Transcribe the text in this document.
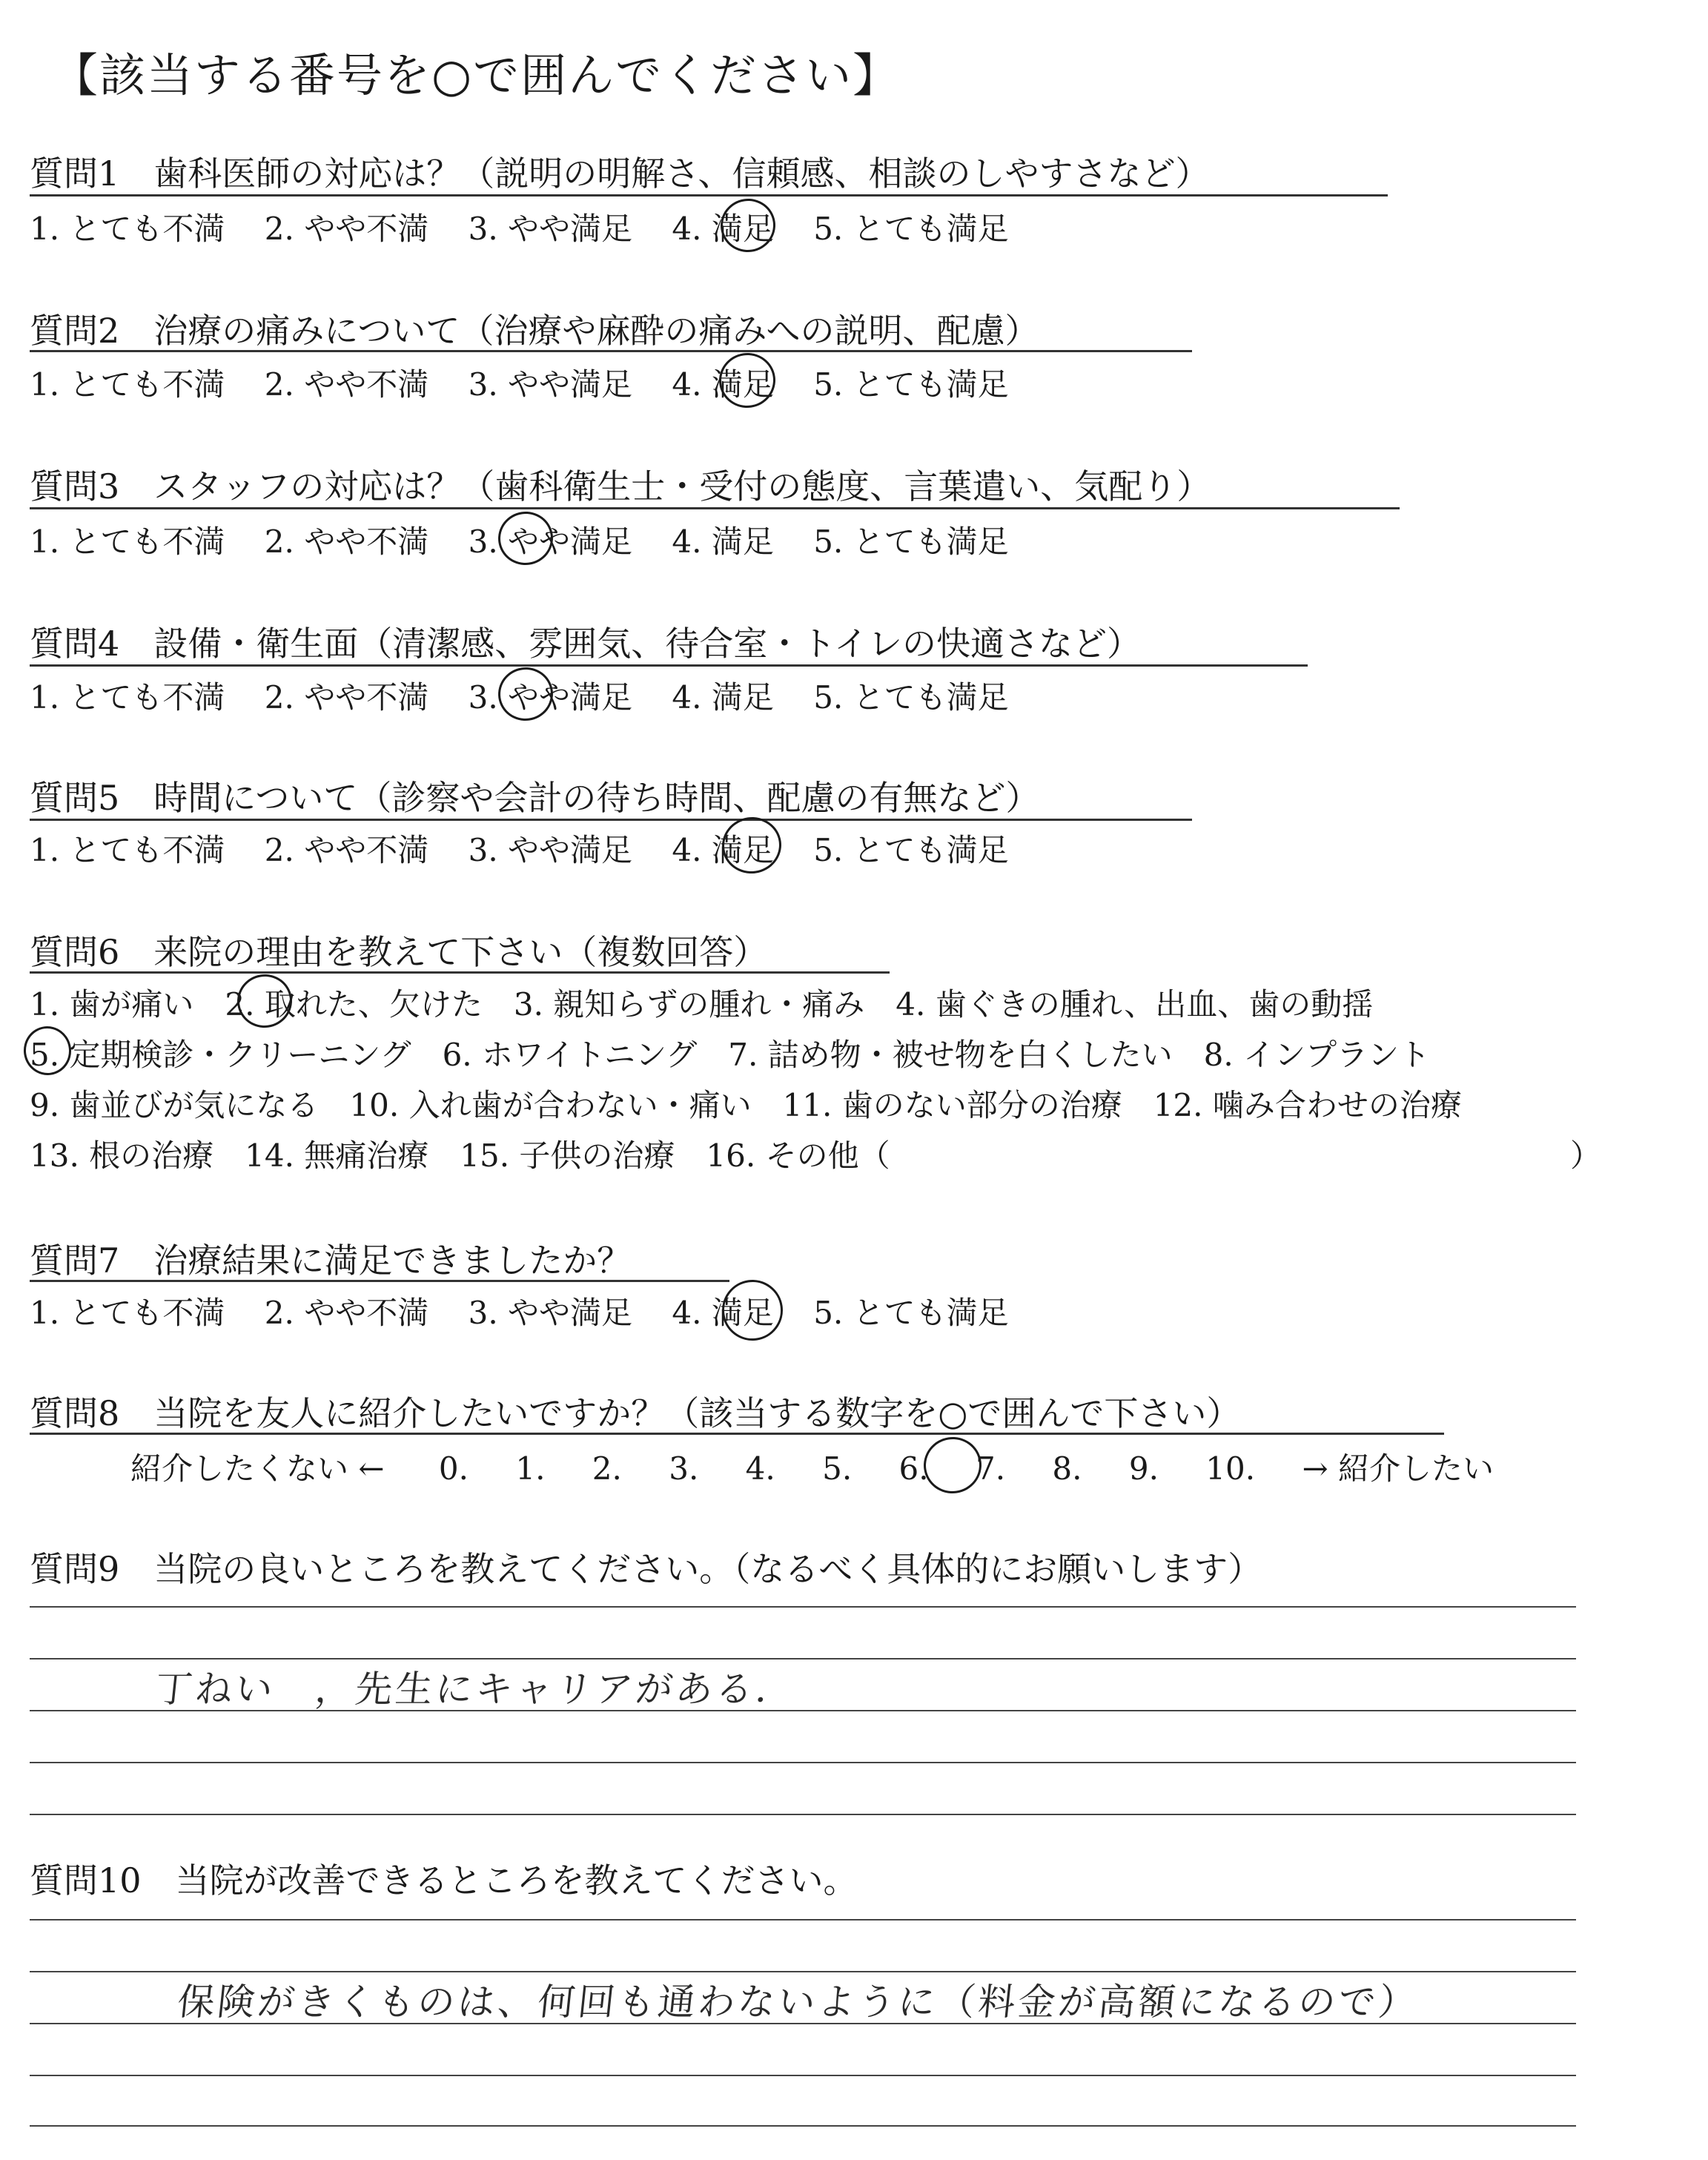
【該当する番号を○で囲んでください】
質問1　 歯科医師の対応は？（説明の明解さ、信頼感、相談のしやすさなど）
1. とても不満 2. やや不満 3. やや満足 4. 満足 5. とても満足
質問2　 治療の痛みについて（治療や麻酔の痛みへの説明、配慮）
1. とても不満 2. やや不満 3. やや満足 4. 満足 5. とても満足
質問3　 スタッフの対応は？（歯科衛生士・受付の態度、言葉遣い、気配り）
1. とても不満 2. やや不満 3. やや満足 4. 満足 5. とても満足
質問4　 設備・衛生面（清潔感、雰囲気、待合室・トイレの快適さなど）
1. とても不満 2. やや不満 3. やや満足 4. 満足 5. とても満足
質問5　 時間について（診察や会計の待ち時間、配慮の有無など）
1. とても不満 2. やや不満 3. やや満足 4. 満足 5. とても満足
質問6　 来院の理由を教えて下さい（複数回答）
1. 歯が痛い　2. 取れた、欠けた　3. 親知らずの腫れ・痛み　4. 歯ぐきの腫れ、出血、歯の動揺
5. 定期検診・クリーニング　6. ホワイトニング　7. 詰め物・被せ物を白くしたい　8. インプラント
9. 歯並びが気になる　10. 入れ歯が合わない・痛い　11. 歯のない部分の治療　12. 噛み合わせの治療
13. 根の治療　14. 無痛治療　15. 子供の治療　16. その他（	）
質問7　 治療結果に満足できましたか？
1. とても不満 2. やや不満 3. やや満足 4. 満足 5. とても満足
質問8　 当院を友人に紹介したいですか？（該当する数字を○で囲んで下さい）
紹介したくない ← 0. 1. 2. 3. 4. 5. 6. 7. 8. 9. 10. → 紹介したい
質問9　 当院の良いところを教えてください。（なるべく具体的にお願いします）
丁ねい　，先生にキャリアがある．
質問10　 当院が改善できるところを教えてください。
保険がきくものは、何回も通わないように（料金が高額になるので）
